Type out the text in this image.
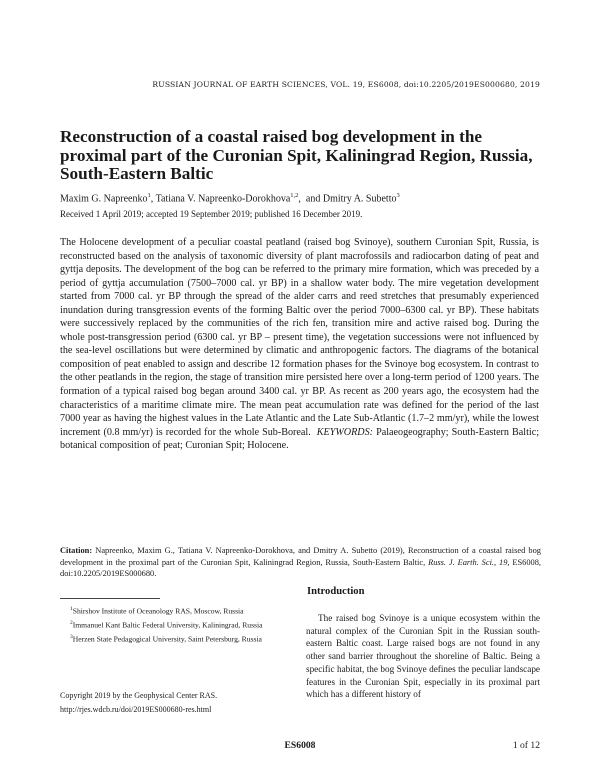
RUSSIAN JOURNAL OF EARTH SCIENCES, VOL. 19, ES6008, doi:10.2205/2019ES000680, 2019
Reconstruction of a coastal raised bog development in the proximal part of the Curonian Spit, Kaliningrad Region, Russia, South-Eastern Baltic
Maxim G. Napreenko$^1$, Tatiana V. Napreenko-Dorokhova$^{1,2}$, and Dmitry A. Subetto$^3$
Received 1 April 2019; accepted 19 September 2019; published 16 December 2019.

The Holocene development of a peculiar coastal peatland (raised bog Svinoye), southern Curonian Spit, Russia, is reconstructed based on the analysis of taxonomic diversity of plant macrofossils and radiocarbon dating of peat and gyttja deposits. The development of the bog can be referred to the primary mire formation, which was preceded by a period of gyttja accumulation (7500–7000 cal. yr BP) in a shallow water body. The mire vegetation development started from 7000 cal. yr BP through the spread of the alder carrs and reed stretches that presumably experienced inundation during transgression events of the forming Baltic over the period 7000–6300 cal. yr BP). These habitats were successively replaced by the communities of the rich fen, transition mire and active raised bog. During the whole post-transgression period (6300 cal. yr BP – present time), the vegetation successions were not influenced by the sea-level oscillations but were determined by climatic and anthropogenic factors. The diagrams of the botanical composition of peat enabled to assign and describe 12 formation phases for the Svinoye bog ecosystem. In contrast to the other peatlands in the region, the stage of transition mire persisted here over a long-term period of 1200 years. The formation of a typical raised bog began around 3400 cal. yr BP. As recent as 200 years ago, the ecosystem had the characteristics of a maritime climate mire. The mean peat accumulation rate was defined for the period of the last 7000 year as having the highest values in the Late Atlantic and the Late Sub-Atlantic (1.7–2 mm/yr), while the lowest increment (0.8 mm/yr) is recorded for the whole Sub-Boreal. KEYWORDS: Palaeogeography; South-Eastern Baltic; botanical composition of peat; Curonian Spit; Holocene.

Citation: Napreenko, Maxim G., Tatiana V. Napreenko-Dorokhova, and Dmitry A. Subetto (2019), Reconstruction of a coastal raised bog development in the proximal part of the Curonian Spit, Kaliningrad Region, Russia, South-Eastern Baltic, Russ. J. Earth. Sci., 19, ES6008, doi:10.2205/2019ES000680.

$^1$Shirshov Institute of Oceanology RAS, Moscow, Russia

$^2$Immanuel Kant Baltic Federal University, Kaliningrad, Russia

$^3$Herzen State Pedagogical University, Saint Petersburg, Russia

Copyright 2019 by the Geophysical Center RAS.
http://rjes.wdcb.ru/doi/2019ES000680-res.html
Introduction

The raised bog Svinoye is a unique ecosystem within the natural complex of the Curonian Spit in the Russian south-eastern Baltic coast. Large raised bogs are not found in any other sand barrier throughout the shoreline of Baltic. Being a specific habitat, the bog Svinoye defines the peculiar landscape features in the Curonian Spit, especially in its proximal part which has a different history of

ES6008	1 of 12
